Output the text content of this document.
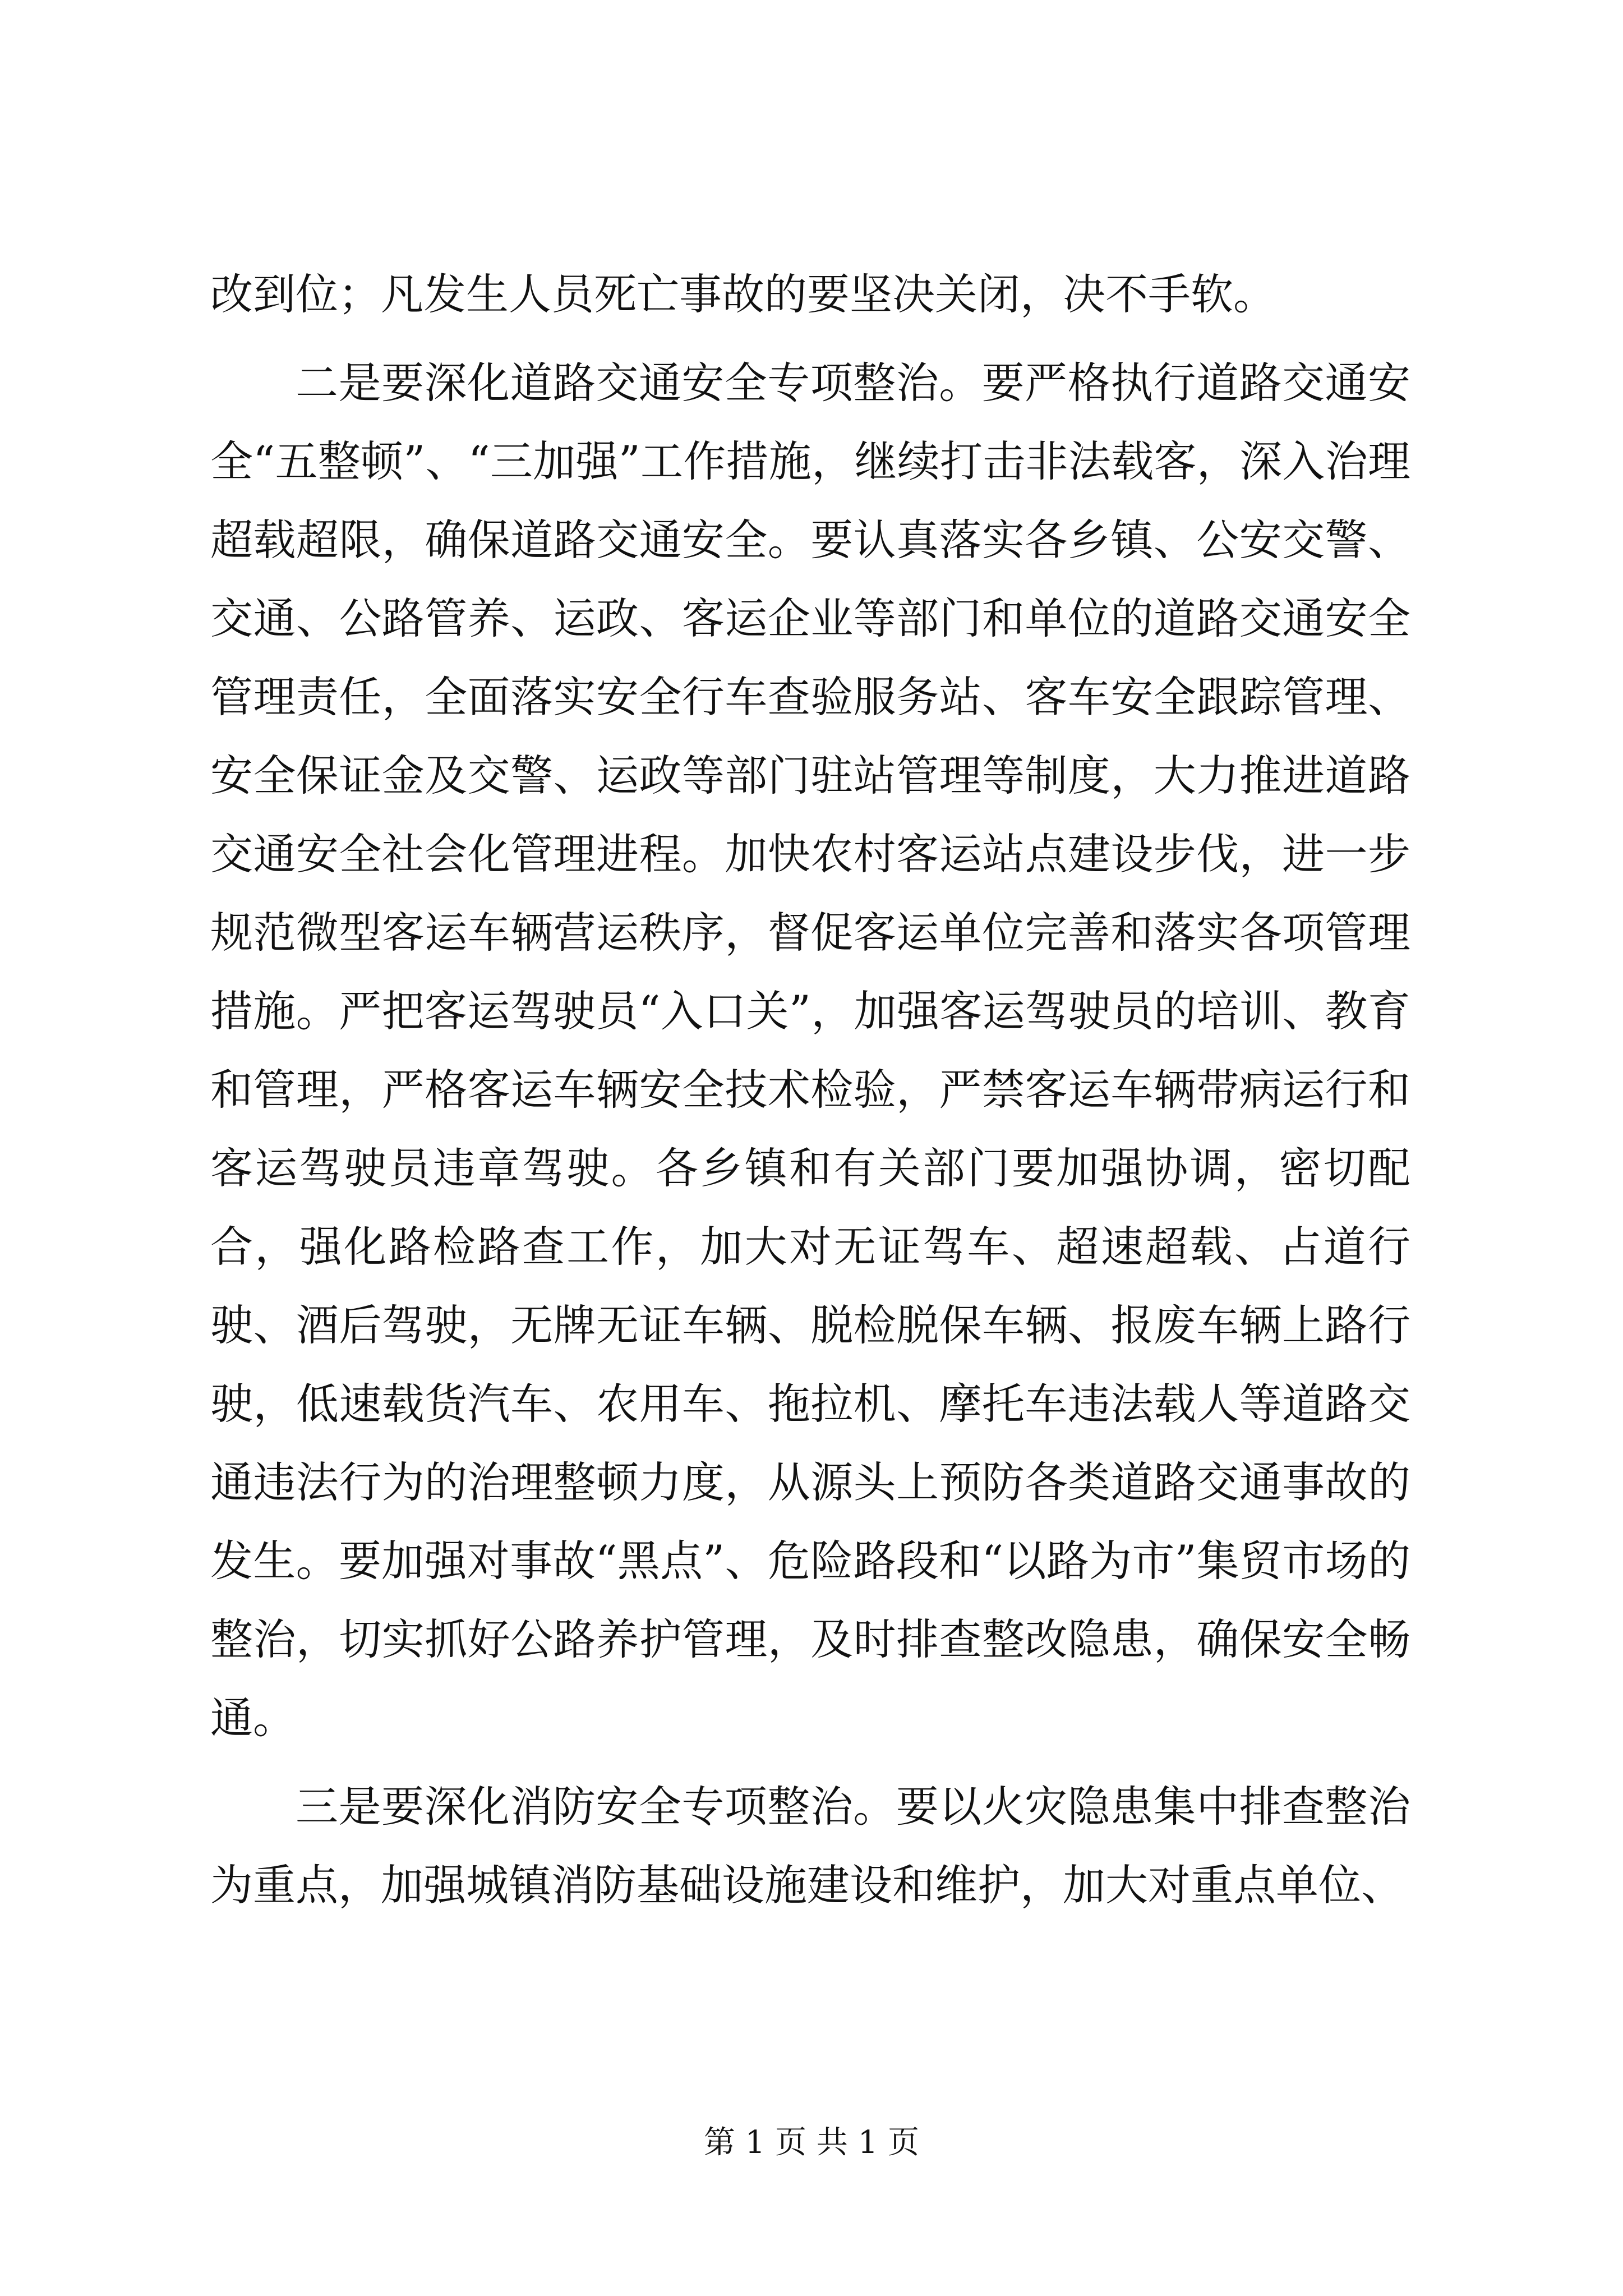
改到位；凡发生人员死亡事故的要坚决关闭，决不手软。

二是要深化道路交通安全专项整治。要严格执行道路交通安全“五整顿”、“三加强”工作措施，继续打击非法载客，深入治理超载超限，确保道路交通安全。要认真落实各乡镇、公安交警、交通、公路管养、运政、客运企业等部门和单位的道路交通安全管理责任，全面落实安全行车查验服务站、客车安全跟踪管理、安全保证金及交警、运政等部门驻站管理等制度，大力推进道路交通安全社会化管理进程。加快农村客运站点建设步伐，进一步规范微型客运车辆营运秩序，督促客运单位完善和落实各项管理措施。严把客运驾驶员“入口关”，加强客运驾驶员的培训、教育和管理，严格客运车辆安全技术检验，严禁客运车辆带病运行和客运驾驶员违章驾驶。各乡镇和有关部门要加强协调，密切配合，强化路检路查工作，加大对无证驾车、超速超载、占道行驶、酒后驾驶，无牌无证车辆、脱检脱保车辆、报废车辆上路行驶，低速载货汽车、农用车、拖拉机、摩托车违法载人等道路交通违法行为的治理整顿力度，从源头上预防各类道路交通事故的发生。要加强对事故“黑点”、危险路段和“以路为市”集贸市场的整治，切实抓好公路养护管理，及时排查整改隐患，确保安全畅通。

三是要深化消防安全专项整治。要以火灾隐患集中排查整治为重点，加强城镇消防基础设施建设和维护，加大对重点单位、

第 1 页 共 1 页
